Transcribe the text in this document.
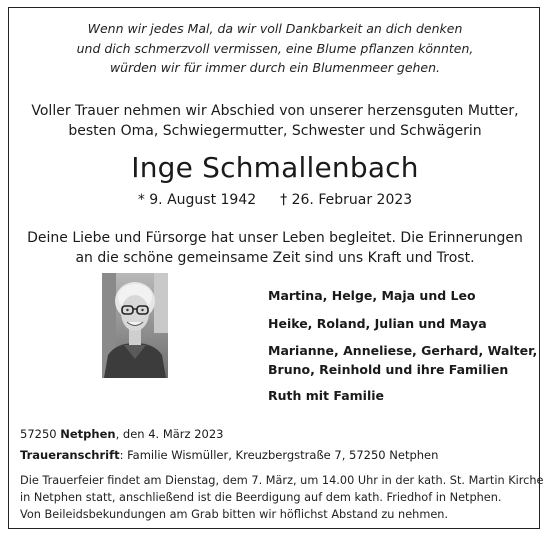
Wenn wir jedes Mal, da wir voll Dankbarkeit an dich denken
und dich schmerzvoll vermissen, eine Blume pflanzen könnten,
würden wir für immer durch ein Blumenmeer gehen.
Voller Trauer nehmen wir Abschied von unserer herzensguten Mutter,
besten Oma, Schwiegermutter, Schwester und Schwägerin
Inge Schmallenbach
* 9. August 1942 † 26. Februar 2023
Deine Liebe und Fürsorge hat unser Leben begleitet. Die Erinnerungen
an die schöne gemeinsame Zeit sind uns Kraft und Trost.
Martina, Helge, Maja und Leo
Heike, Roland, Julian und Maya
Marianne, Anneliese, Gerhard, Walter,
Bruno, Reinhold und ihre Familien
Ruth mit Familie
57250 Netphen, den 4. März 2023
Traueranschrift: Familie Wismüller, Kreuzbergstraße 7, 57250 Netphen
Die Trauerfeier findet am Dienstag, dem 7. März, um 14.00 Uhr in der kath. St. Martin Kirche
in Netphen statt, anschließend ist die Beerdigung auf dem kath. Friedhof in Netphen.
Von Beileidsbekundungen am Grab bitten wir höflichst Abstand zu nehmen.
